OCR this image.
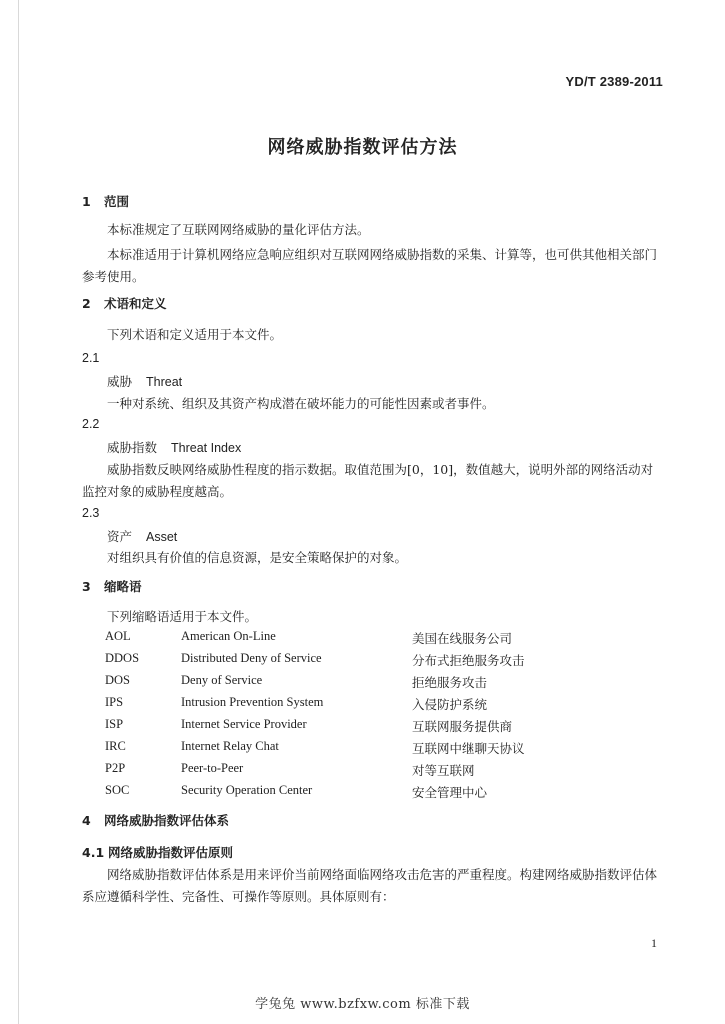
YD/T 2389-2011
网络威胁指数评估方法
1 范围
本标准规定了互联网网络威胁的量化评估方法。
本标准适用于计算机网络应急响应组织对互联网网络威胁指数的采集、计算等，也可供其他相关部门参考使用。
2 术语和定义
下列术语和定义适用于本文件。
2.1
威胁 Threat
一种对系统、组织及其资产构成潜在破坏能力的可能性因素或者事件。
2.2
威胁指数 Threat Index
威胁指数反映网络威胁性程度的指示数据。取值范围为[0，10]，数值越大，说明外部的网络活动对监控对象的威胁程度越高。
2.3
资产 Asset
对组织具有价值的信息资源，是安全策略保护的对象。
3 缩略语
下列缩略语适用于本文件。
AOL	American On-Line	美国在线服务公司
DDOS	Distributed Deny of Service	分布式拒绝服务攻击
DOS	Deny of Service	拒绝服务攻击
IPS	Intrusion Prevention System	入侵防护系统
ISP	Internet Service Provider	互联网服务提供商
IRC	Internet Relay Chat	互联网中继聊天协议
P2P	Peer-to-Peer	对等互联网
SOC	Security Operation Center	安全管理中心
4 网络威胁指数评估体系
4.1 网络威胁指数评估原则
网络威胁指数评估体系是用来评价当前网络面临网络攻击危害的严重程度。构建网络威胁指数评估体系应遵循科学性、完备性、可操作等原则。具体原则有：
1
学兔兔 www.bzfxw.com 标准下载
